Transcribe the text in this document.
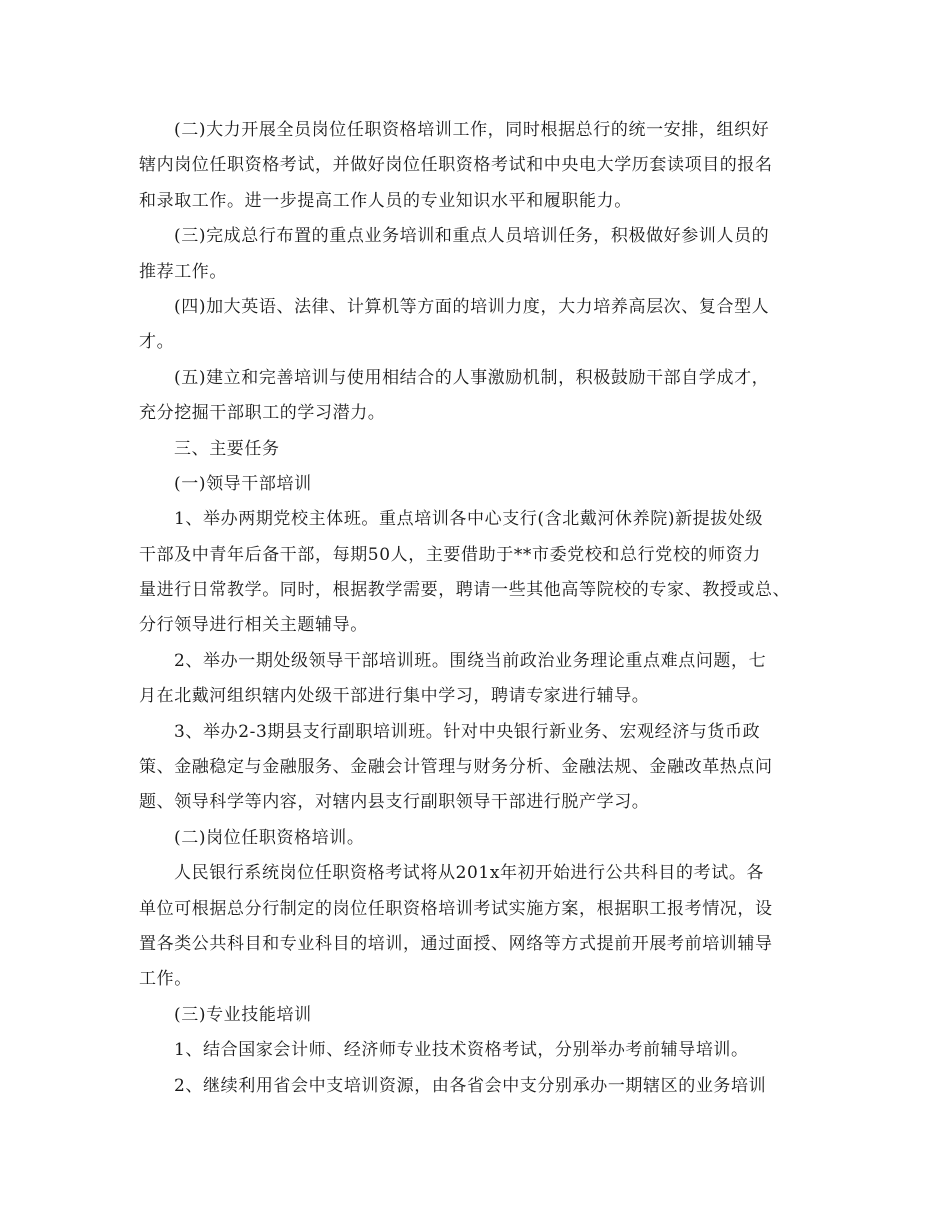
(二)大力开展全员岗位任职资格培训工作，同时根据总行的统一安排，组织好
辖内岗位任职资格考试，并做好岗位任职资格考试和中央电大学历套读项目的报名
和录取工作。进一步提高工作人员的专业知识水平和履职能力。
(三)完成总行布置的重点业务培训和重点人员培训任务，积极做好参训人员的
推荐工作。
(四)加大英语、法律、计算机等方面的培训力度，大力培养高层次、复合型人
才。
(五)建立和完善培训与使用相结合的人事激励机制，积极鼓励干部自学成才，
充分挖掘干部职工的学习潜力。
三、主要任务
(一)领导干部培训
1、举办两期党校主体班。重点培训各中心支行(含北戴河休养院)新提拔处级
干部及中青年后备干部，每期50人，主要借助于**市委党校和总行党校的师资力
量进行日常教学。同时，根据教学需要，聘请一些其他高等院校的专家、教授或总、
分行领导进行相关主题辅导。
2、举办一期处级领导干部培训班。围绕当前政治业务理论重点难点问题，七
月在北戴河组织辖内处级干部进行集中学习，聘请专家进行辅导。
3、举办2-3期县支行副职培训班。针对中央银行新业务、宏观经济与货币政
策、金融稳定与金融服务、金融会计管理与财务分析、金融法规、金融改革热点问
题、领导科学等内容，对辖内县支行副职领导干部进行脱产学习。
(二)岗位任职资格培训。
人民银行系统岗位任职资格考试将从201x年初开始进行公共科目的考试。各
单位可根据总分行制定的岗位任职资格培训考试实施方案，根据职工报考情况，设
置各类公共科目和专业科目的培训，通过面授、网络等方式提前开展考前培训辅导
工作。
(三)专业技能培训
1、结合国家会计师、经济师专业技术资格考试，分别举办考前辅导培训。
2、继续利用省会中支培训资源，由各省会中支分别承办一期辖区的业务培训
